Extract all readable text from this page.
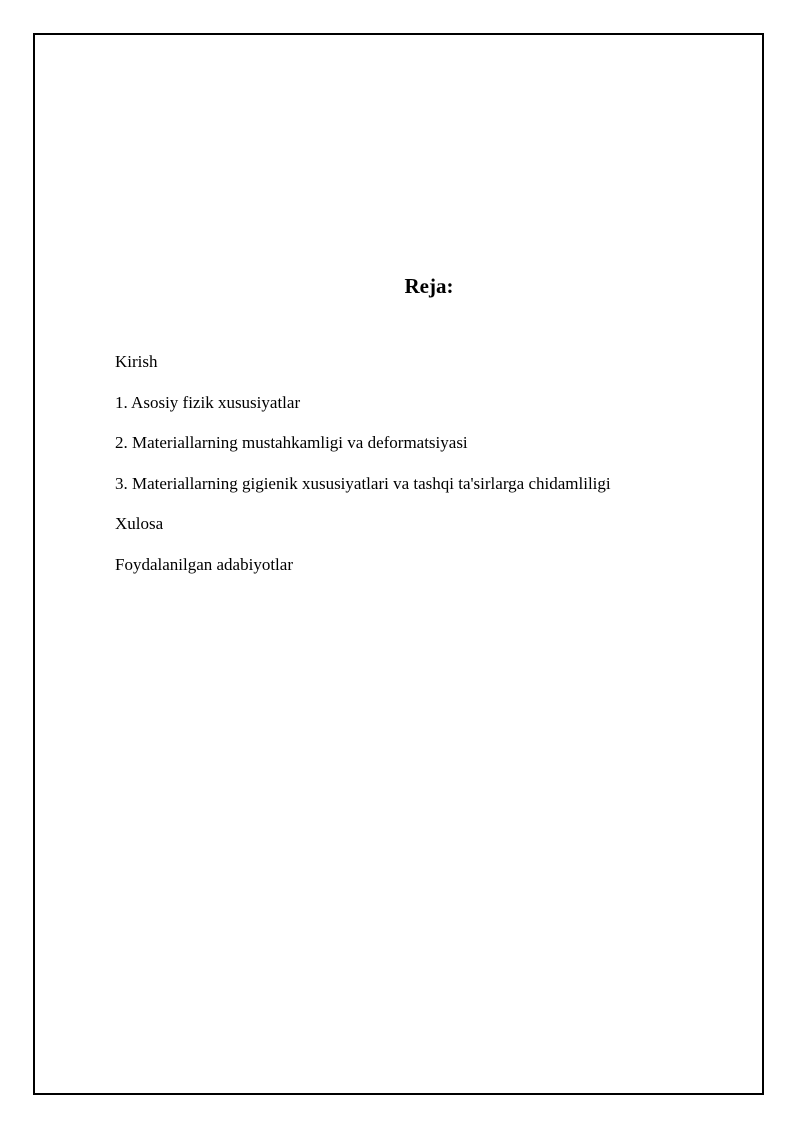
Reja:
Kirish
1. Asosiy fizik xususiyatlar
2. Materiallarning mustahkamligi va deformatsiyasi
3. Materiallarning gigienik xususiyatlari va tashqi ta'sirlarga chidamliligi
Xulosa
Foydalanilgan adabiyotlar
